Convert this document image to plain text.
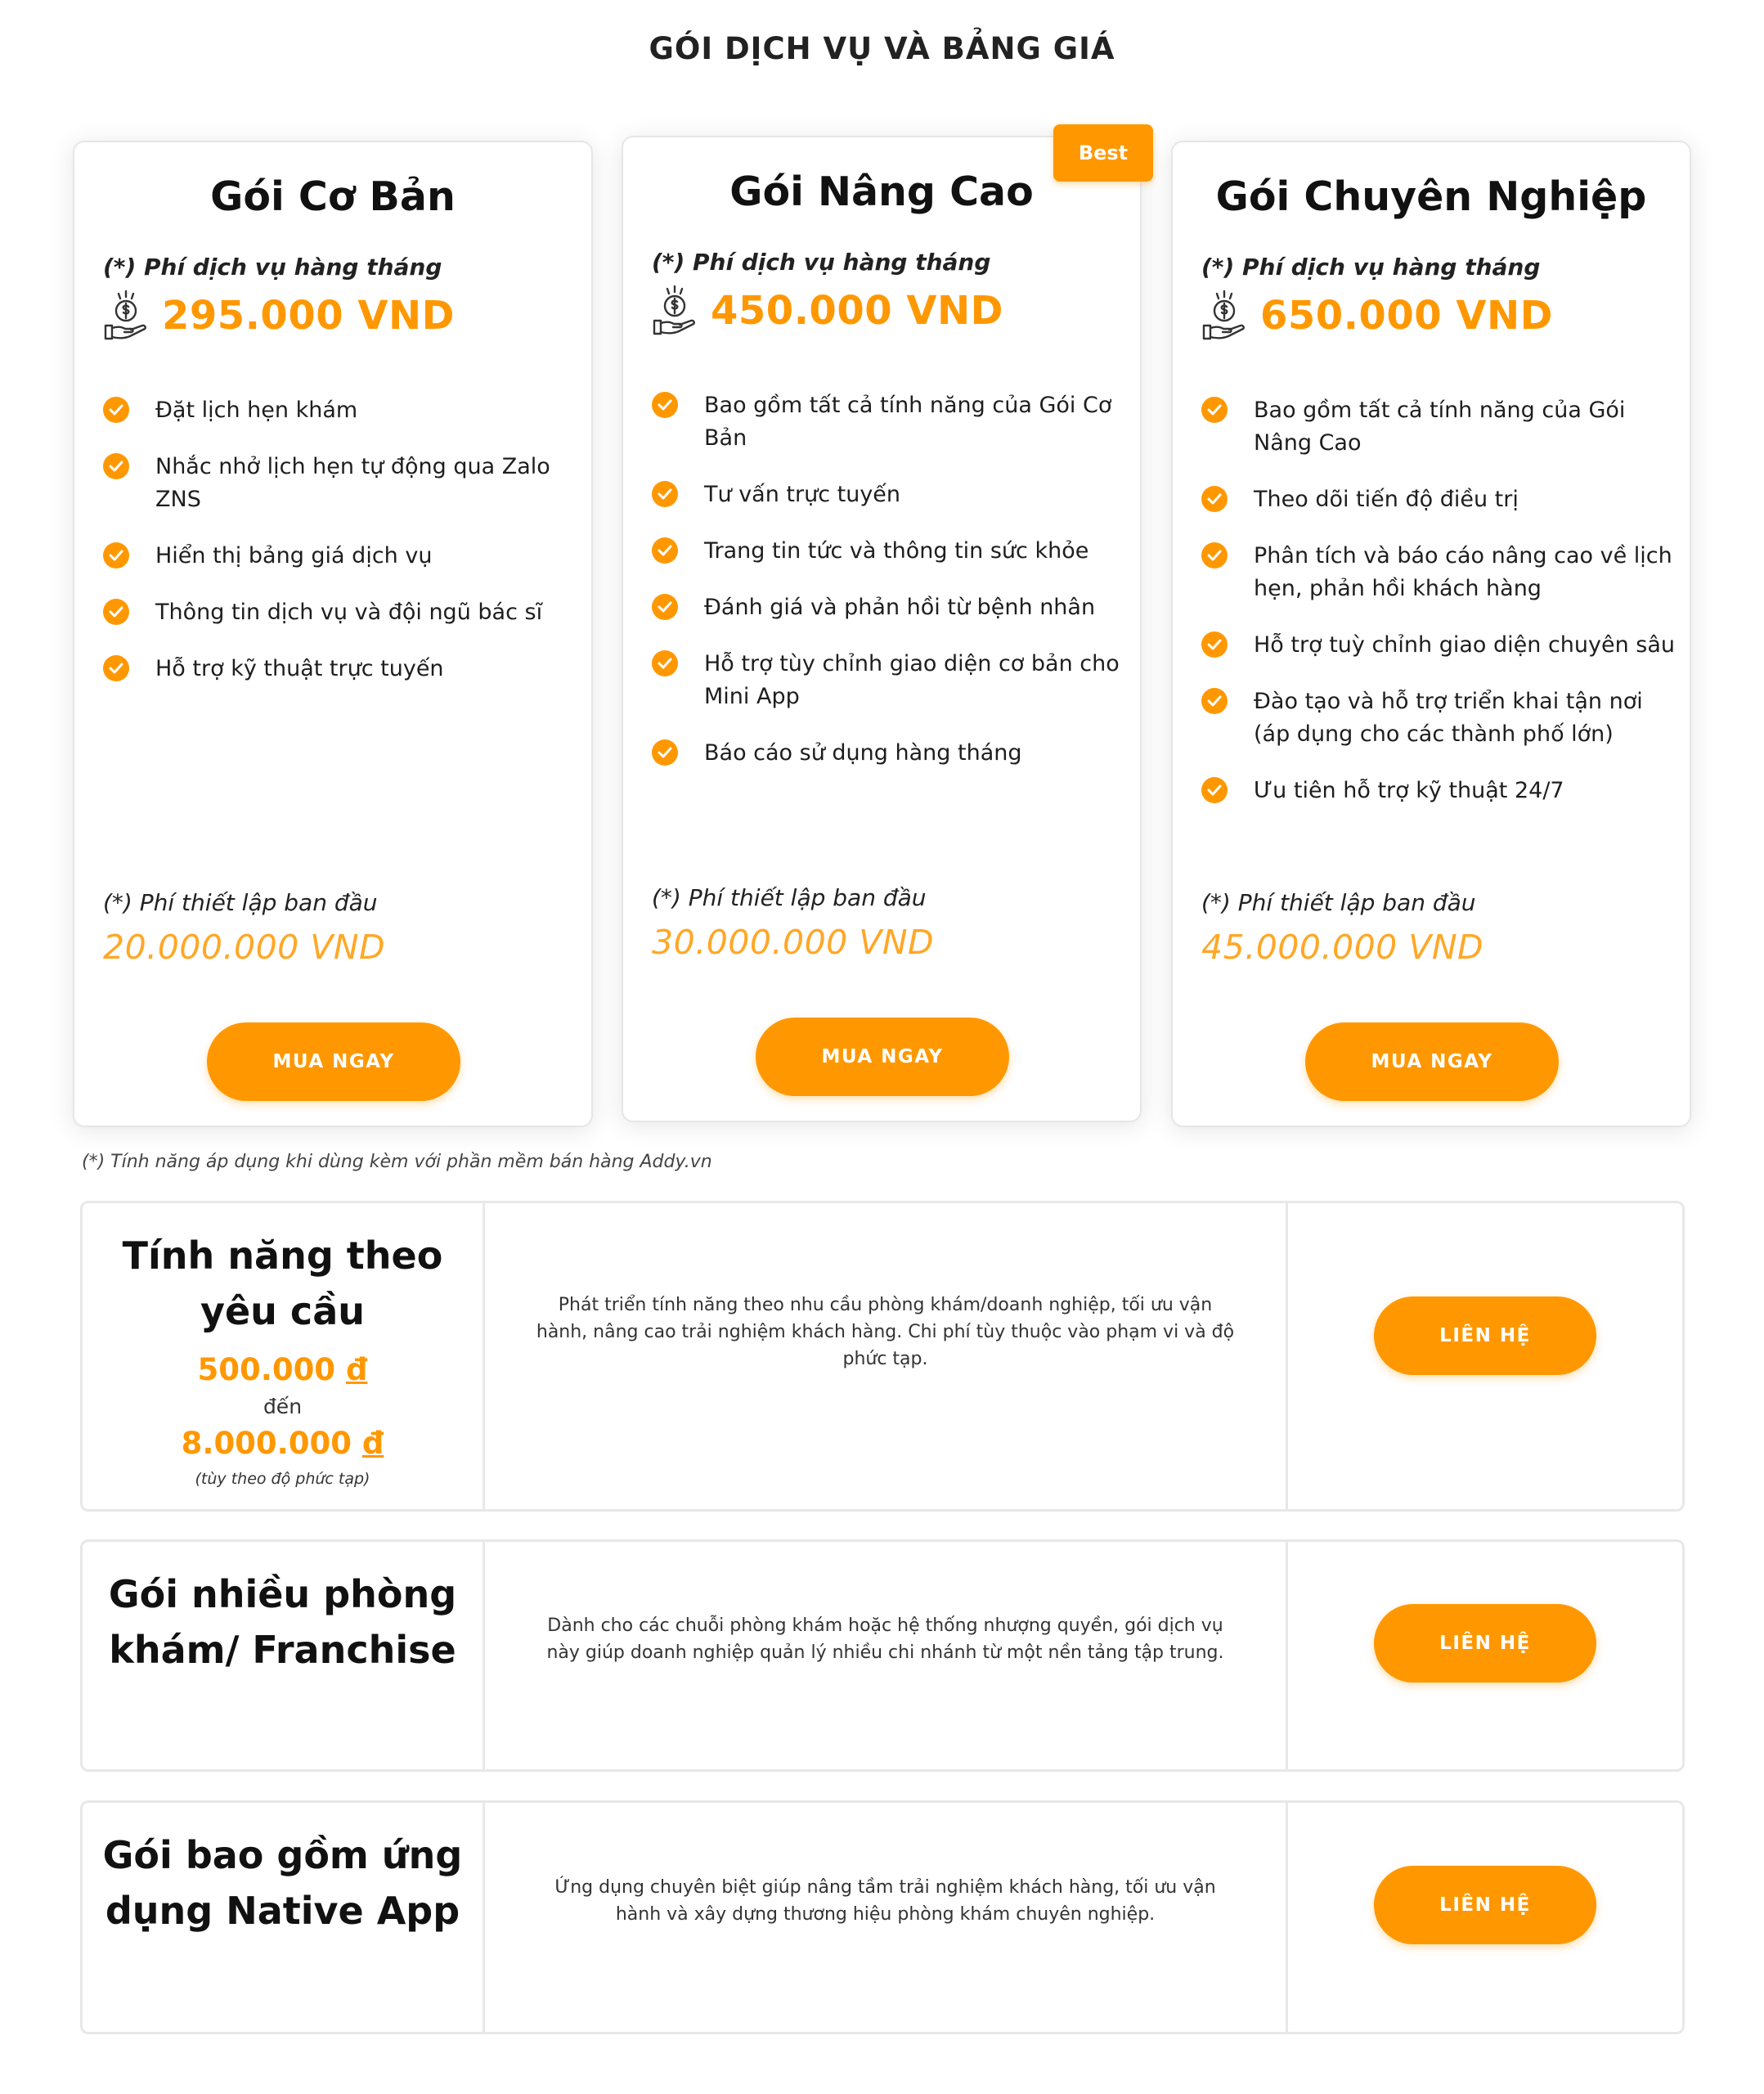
GÓI DỊCH VỤ VÀ BẢNG GIÁ
Gói Cơ Bản
(*) Phí dịch vụ hàng tháng
295.000 VND
Đặt lịch hẹn khám
Nhắc nhở lịch hẹn tự động qua Zalo ZNS
Hiển thị bảng giá dịch vụ
Thông tin dịch vụ và đội ngũ bác sĩ
Hỗ trợ kỹ thuật trực tuyến
(*) Phí thiết lập ban đầu
20.000.000 VND
MUA NGAY
Best
Gói Nâng Cao
(*) Phí dịch vụ hàng tháng
450.000 VND
Bao gồm tất cả tính năng của Gói Cơ Bản
Tư vấn trực tuyến
Trang tin tức và thông tin sức khỏe
Đánh giá và phản hồi từ bệnh nhân
Hỗ trợ tùy chỉnh giao diện cơ bản cho Mini App
Báo cáo sử dụng hàng tháng
(*) Phí thiết lập ban đầu
30.000.000 VND
MUA NGAY
Gói Chuyên Nghiệp
(*) Phí dịch vụ hàng tháng
650.000 VND
Bao gồm tất cả tính năng của Gói Nâng Cao
Theo dõi tiến độ điều trị
Phân tích và báo cáo nâng cao về lịch hẹn, phản hồi khách hàng
Hỗ trợ tuỳ chỉnh giao diện chuyên sâu
Đào tạo và hỗ trợ triển khai tận nơi (áp dụng cho các thành phố lớn)
Ưu tiên hỗ trợ kỹ thuật 24/7
(*) Phí thiết lập ban đầu
45.000.000 VND
MUA NGAY
(*) Tính năng áp dụng khi dùng kèm với phần mềm bán hàng Addy.vn
Tính năng theo yêu cầu
500.000 đ
đến
8.000.000 đ
(tùy theo độ phức tạp)

Phát triển tính năng theo nhu cầu phòng khám/doanh nghiệp, tối ưu vận hành, nâng cao trải nghiệm khách hàng. Chi phí tùy thuộc vào phạm vi và độ phức tạp.

LIÊN HỆ
Gói nhiều phòng khám/ Franchise

Dành cho các chuỗi phòng khám hoặc hệ thống nhượng quyền, gói dịch vụ này giúp doanh nghiệp quản lý nhiều chi nhánh từ một nền tảng tập trung.	LIÊN HỆ
Gói bao gồm ứng dụng Native App

Ứng dụng chuyên biệt giúp nâng tầm trải nghiệm khách hàng, tối ưu vận hành và xây dựng thương hiệu phòng khám chuyên nghiệp.	LIÊN HỆ
